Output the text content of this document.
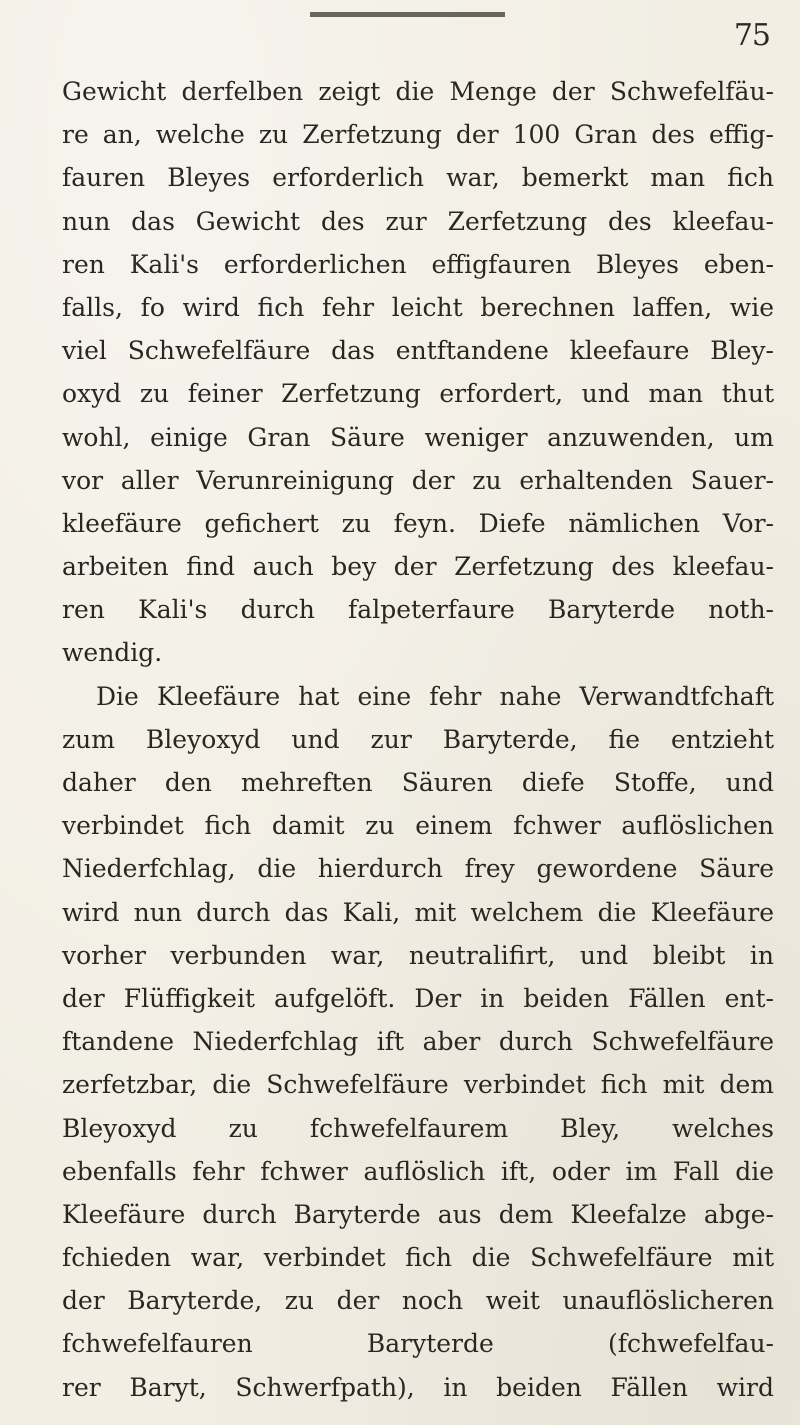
75
Gewicht derfelben zeigt die Menge der Schwefelfäu-
re an, welche zu Zerfetzung der 100 Gran des effig-
fauren Bleyes erforderlich war, bemerkt man fich
nun das Gewicht des zur Zerfetzung des kleefau-
ren Kali's erforderlichen effigfauren Bleyes eben-
falls, fo wird fich fehr leicht berechnen laffen, wie
viel Schwefelfäure das entftandene kleefaure Bley-
oxyd zu feiner Zerfetzung erfordert, und man thut
wohl, einige Gran Säure weniger anzuwenden, um
vor aller Verunreinigung der zu erhaltenden Sauer-
kleefäure gefichert zu feyn. Diefe nämlichen Vor-
arbeiten find auch bey der Zerfetzung des kleefau-
ren Kali's durch falpeterfaure Baryterde noth-
wendig.
Die Kleefäure hat eine fehr nahe Verwandtfchaft
zum Bleyoxyd und zur Baryterde, fie entzieht
daher den mehreften Säuren diefe Stoffe, und
verbindet fich damit zu einem fchwer auflöslichen
Niederfchlag, die hierdurch frey gewordene Säure
wird nun durch das Kali, mit welchem die Kleefäure
vorher verbunden war, neutralifirt, und bleibt in
der Flüffigkeit aufgelöft. Der in beiden Fällen ent-
ftandene Niederfchlag ift aber durch Schwefelfäure
zerfetzbar, die Schwefelfäure verbindet fich mit dem
Bleyoxyd zu fchwefelfaurem Bley, welches
ebenfalls fehr fchwer auflöslich ift, oder im Fall die
Kleefäure durch Baryterde aus dem Kleefalze abge-
fchieden war, verbindet fich die Schwefelfäure mit
der Baryterde, zu der noch weit unauflöslicheren
fchwefelfauren Baryterde (fchwefelfau-
rer Baryt, Schwerfpath), in beiden Fällen wird
